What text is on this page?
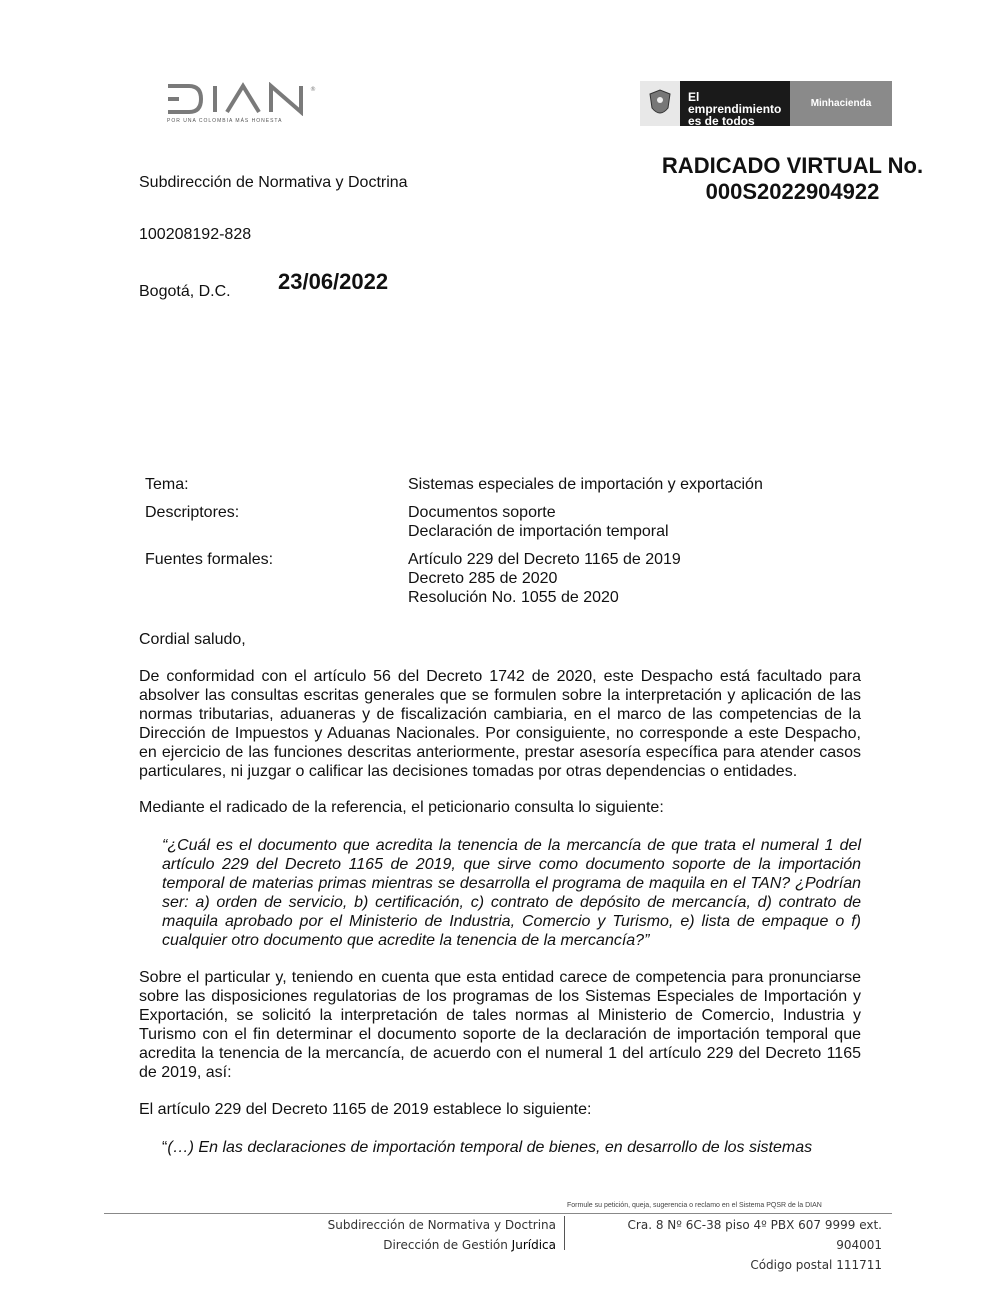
®
POR UNA COLOMBIA MÁS HONESTA
El emprendimiento es de todos
Minhacienda
RADICADO VIRTUAL No.
000S2022904922
Subdirección de Normativa y Doctrina
100208192-828
Bogotá, D.C. 23/06/2022
Tema:	Sistemas especiales de importación y exportación
Descriptores:	Documentos soporte
Declaración de importación temporal
Fuentes formales:	Artículo 229 del Decreto 1165 de 2019
Decreto 285 de 2020
Resolución No. 1055 de 2020
Cordial saludo,

De conformidad con el artículo 56 del Decreto 1742 de 2020, este Despacho está facultado para absolver las consultas escritas generales que se formulen sobre la interpretación y aplicación de las normas tributarias, aduaneras y de fiscalización cambiaria, en el marco de las competencias de la Dirección de Impuestos y Aduanas Nacionales. Por consiguiente, no corresponde a este Despacho, en ejercicio de las funciones descritas anteriormente, prestar asesoría específica para atender casos particulares, ni juzgar o calificar las decisiones tomadas por otras dependencias o entidades.

Mediante el radicado de la referencia, el peticionario consulta lo siguiente:

“¿Cuál es el documento que acredita la tenencia de la mercancía de que trata el numeral 1 del artículo 229 del Decreto 1165 de 2019, que sirve como documento soporte de la importación temporal de materias primas mientras se desarrolla el programa de maquila en el TAN? ¿Podrían ser: a) orden de servicio, b) certificación, c) contrato de depósito de mercancía, d) contrato de maquila aprobado por el Ministerio de Industria, Comercio y Turismo, e) lista de empaque o f) cualquier otro documento que acredite la tenencia de la mercancía?”

Sobre el particular y, teniendo en cuenta que esta entidad carece de competencia para pronunciarse sobre las disposiciones regulatorias de los programas de los Sistemas Especiales de Importación y Exportación, se solicitó la interpretación de tales normas al Ministerio de Comercio, Industria y Turismo con el fin determinar el documento soporte de la declaración de importación temporal que acredita la tenencia de la mercancía, de acuerdo con el numeral 1 del artículo 229 del Decreto 1165 de 2019, así:

El artículo 229 del Decreto 1165 de 2019 establece lo siguiente:

“(…) En las declaraciones de importación temporal de bienes, en desarrollo de los sistemas

Formule su petición, queja, sugerencia o reclamo en el Sistema PQSR de la DIAN
Subdirección de Normativa y Doctrina
Dirección de Gestión Jurídica
Cra. 8 Nº 6C-38 piso 4º PBX 607 9999 ext. 904001
Código postal 111711
